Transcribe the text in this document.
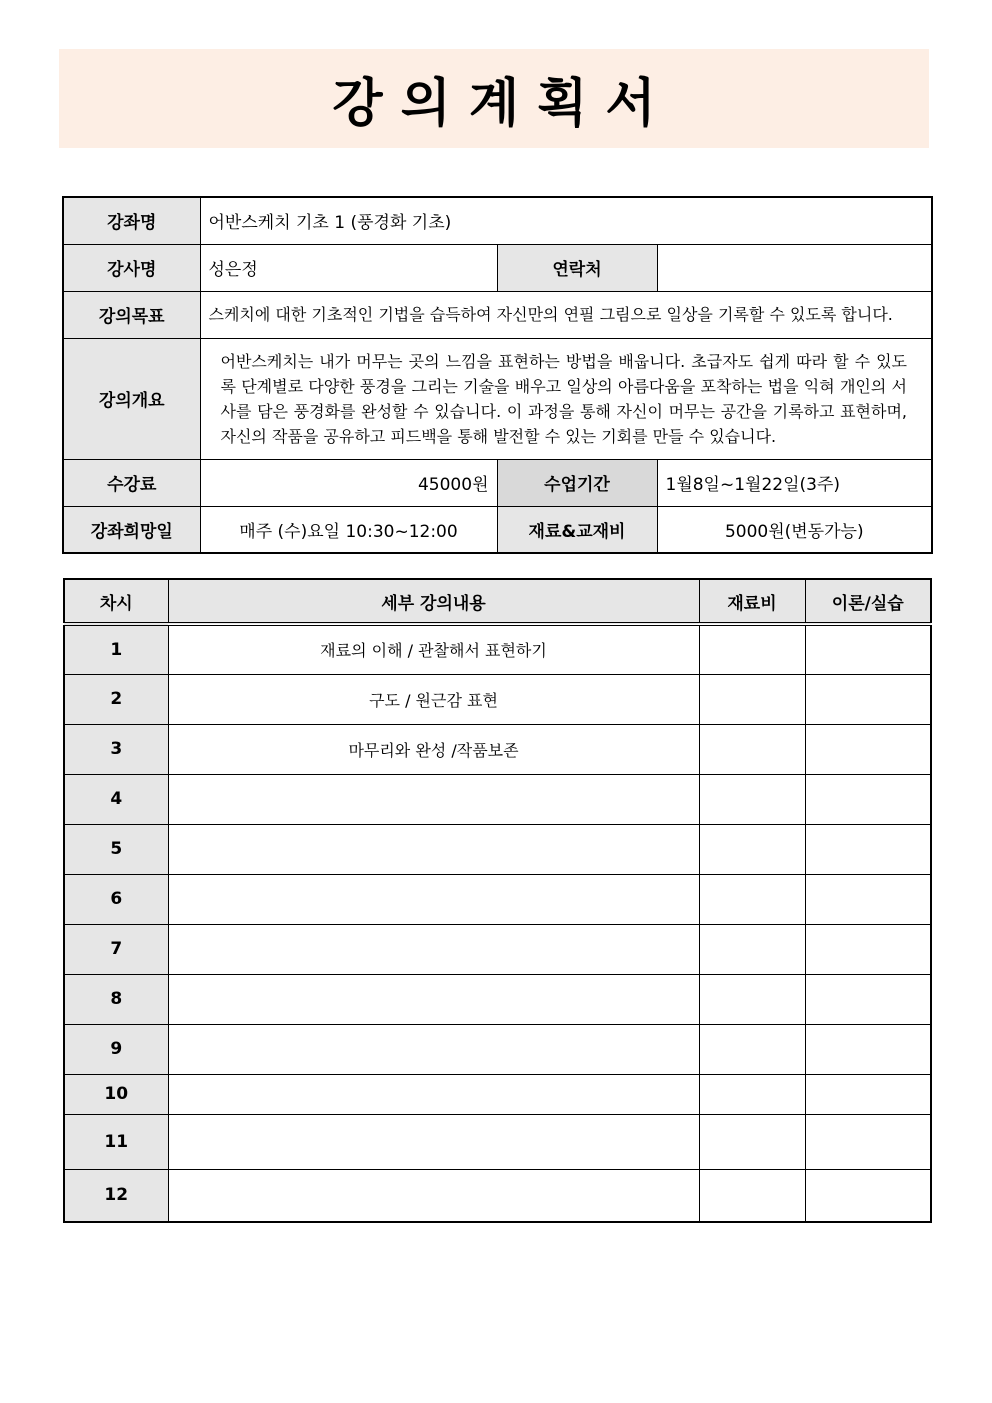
강의계획서
강좌명	어반스케치 기초 1 (풍경화 기초)		
강사명	성은정	연락처	
강의목표	스케치에 대한 기초적인 기법을 습득하여 자신만의 연필 그림으로 일상을 기록할 수 있도록 합니다.		
강의개요	어반스케치는 내가 머무는 곳의 느낌을 표현하는 방법을 배웁니다. 초급자도 쉽게 따라 할 수 있도록 단계별로 다양한 풍경을 그리는 기술을 배우고 일상의 아름다움을 포착하는 법을 익혀 개인의 서사를 담은 풍경화를 완성할 수 있습니다. 이 과정을 통해 자신이 머무는 공간을 기록하고 표현하며, 자신의 작품을 공유하고 피드백을 통해 발전할 수 있는 기회를 만들 수 있습니다.		
수강료	45000원	수업기간	1월8일~1월22일(3주)
강좌희망일	매주 (수)요일 10:30~12:00	재료&교재비	5000원(변동가능)
차시	세부 강의내용	재료비	이론/실습
1	재료의 이해 / 관찰해서 표현하기		
2	구도 / 원근감 표현		
3	마무리와 완성 /작품보존		
4			
5			
6			
7			
8			
9			
10			
11			
12			
